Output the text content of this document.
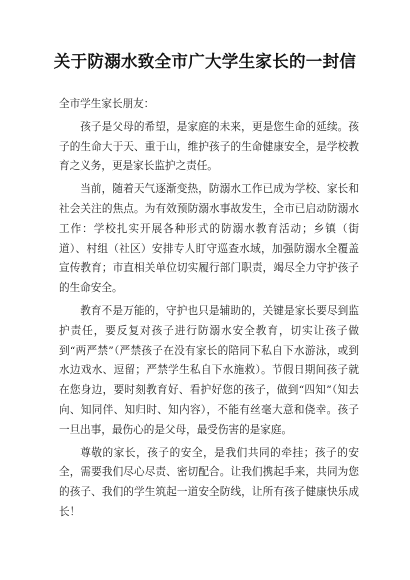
关于防溺水致全市广大学生家长的一封信

全市学生家长朋友：

孩子是父母的希望，是家庭的未来，更是您生命的延续。孩子的生命大于天、重于山，维护孩子的生命健康安全，是学校教育之义务，更是家长监护之责任。

当前，随着天气逐渐变热，防溺水工作已成为学校、家长和社会关注的焦点。为有效预防溺水事故发生，全市已启动防溺水工作：学校扎实开展各种形式的防溺水教育活动；乡镇（街道）、村组（社区）安排专人盯守巡查水域，加强防溺水全覆盖宣传教育；市直相关单位切实履行部门职责，竭尽全力守护孩子的生命安全。

教育不是万能的，守护也只是辅助的，关键是家长要尽到监护责任，要反复对孩子进行防溺水安全教育，切实让孩子做到“两严禁”（严禁孩子在没有家长的陪同下私自下水游泳，或到水边戏水、逗留；严禁学生私自下水施救）。节假日期间孩子就在您身边，要时刻教育好、看护好您的孩子，做到“四知”（知去向、知同伴、知归时、知内容），不能有丝毫大意和侥幸。孩子一旦出事，最伤心的是父母，最受伤害的是家庭。

尊敬的家长，孩子的安全，是我们共同的牵挂；孩子的安全，需要我们尽心尽责、密切配合。让我们携起手来，共同为您的孩子、我们的学生筑起一道安全防线，让所有孩子健康快乐成长！
